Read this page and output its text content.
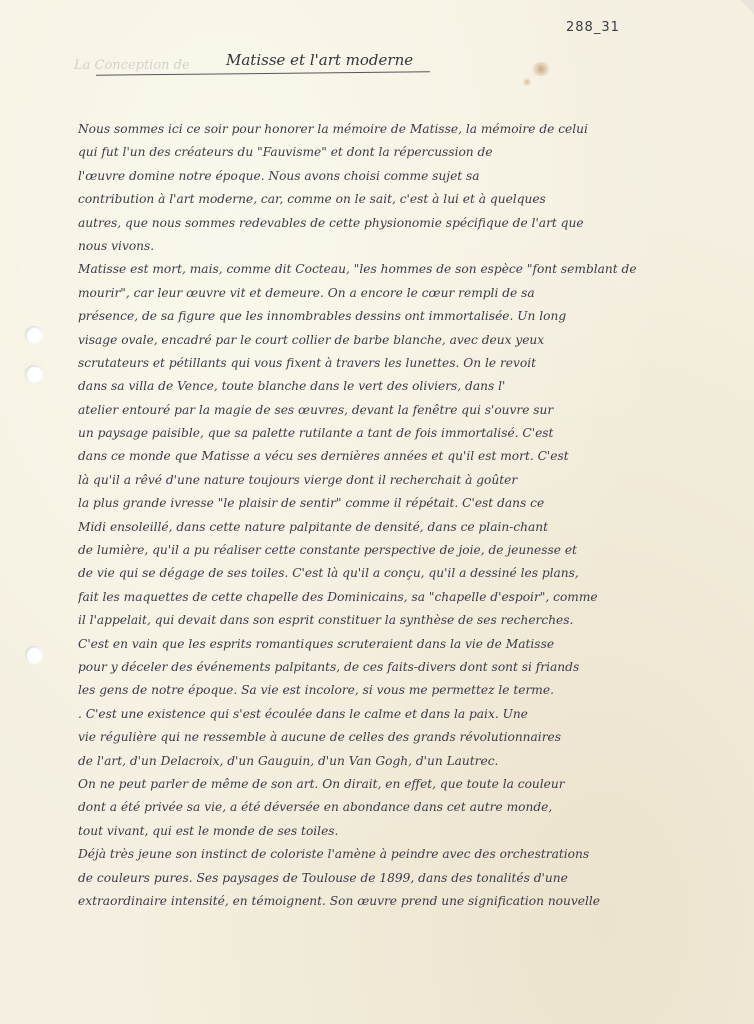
288_31
La Conception de Matisse et l'art moderne
Nous sommes ici ce soir pour honorer la mémoire de Matisse, la mémoire de celui
qui fut l'un des créateurs du "Fauvisme" et dont la répercussion de
l'œuvre domine notre époque. Nous avons choisi comme sujet sa
contribution à l'art moderne, car, comme on le sait, c'est à lui et à quelques
autres, que nous sommes redevables de cette physionomie spécifique de l'art que
nous vivons.
Matisse est mort, mais, comme dit Cocteau, "les hommes de son espèce "font semblant de
mourir", car leur œuvre vit et demeure. On a encore le cœur rempli de sa
présence, de sa figure que les innombrables dessins ont immortalisée. Un long
visage ovale, encadré par le court collier de barbe blanche, avec deux yeux
scrutateurs et pétillants qui vous fixent à travers les lunettes. On le revoit
dans sa villa de Vence, toute blanche dans le vert des oliviers, dans l'
atelier entouré par la magie de ses œuvres, devant la fenêtre qui s'ouvre sur
un paysage paisible, que sa palette rutilante a tant de fois immortalisé. C'est
dans ce monde que Matisse a vécu ses dernières années et qu'il est mort. C'est
là qu'il a rêvé d'une nature toujours vierge dont il recherchait à goûter
la plus grande ivresse "le plaisir de sentir" comme il répétait. C'est dans ce
Midi ensoleillé, dans cette nature palpitante de densité, dans ce plain-chant
de lumière, qu'il a pu réaliser cette constante perspective de joie, de jeunesse et
de vie qui se dégage de ses toiles. C'est là qu'il a conçu, qu'il a dessiné les plans,
fait les maquettes de cette chapelle des Dominicains, sa "chapelle d'espoir", comme
il l'appelait, qui devait dans son esprit constituer la synthèse de ses recherches.
C'est en vain que les esprits romantiques scruteraient dans la vie de Matisse
pour y déceler des événements palpitants, de ces faits-divers dont sont si friands
les gens de notre époque. Sa vie est incolore, si vous me permettez le terme.
. C'est une existence qui s'est écoulée dans le calme et dans la paix. Une
vie régulière qui ne ressemble à aucune de celles des grands révolutionnaires
de l'art, d'un Delacroix, d'un Gauguin, d'un Van Gogh, d'un Lautrec.
On ne peut parler de même de son art. On dirait, en effet, que toute la couleur
dont a été privée sa vie, a été déversée en abondance dans cet autre monde,
tout vivant, qui est le monde de ses toiles.
Déjà très jeune son instinct de coloriste l'amène à peindre avec des orchestrations
de couleurs pures. Ses paysages de Toulouse de 1899, dans des tonalités d'une
extraordinaire intensité, en témoignent. Son œuvre prend une signification nouvelle
